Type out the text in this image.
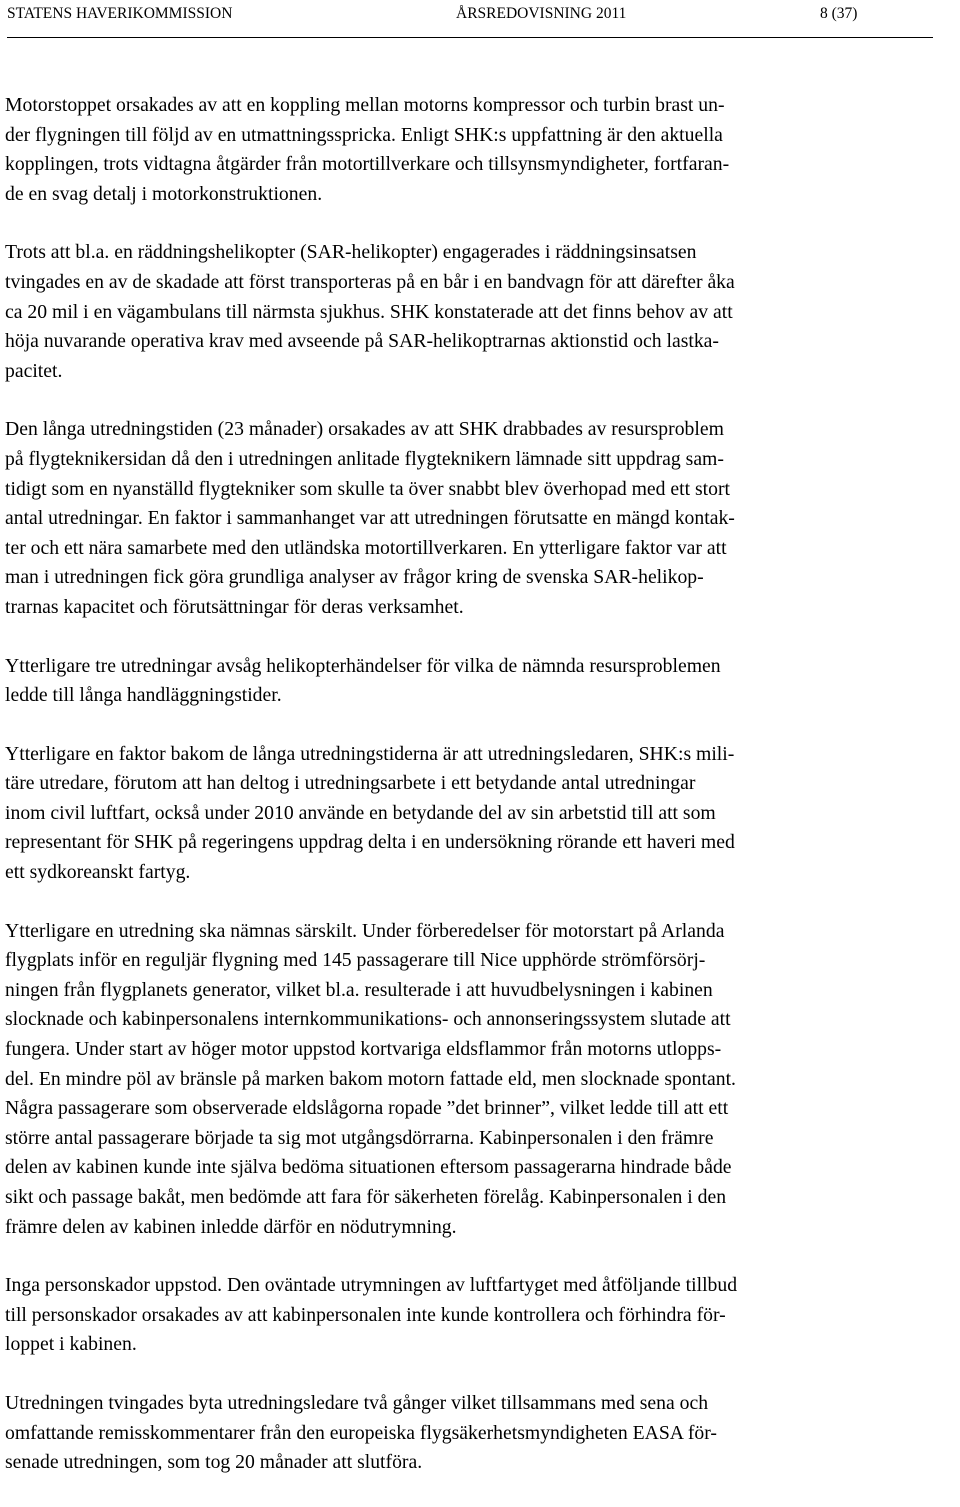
STATENS HAVERIKOMMISSION	ÅRSREDOVISNING 2011	8 (37)
Motorstoppet orsakades av att en koppling mellan motorns kompressor och turbin brast un-
der flygningen till följd av en utmattningsspricka. Enligt SHK:s uppfattning är den aktuella
kopplingen, trots vidtagna åtgärder från motortillverkare och tillsynsmyndigheter, fortfaran-
de en svag detalj i motorkonstruktionen.
Trots att bl.a. en räddningshelikopter (SAR-helikopter) engagerades i räddningsinsatsen
tvingades en av de skadade att först transporteras på en bår i en bandvagn för att därefter åka
ca 20 mil i en vägambulans till närmsta sjukhus. SHK konstaterade att det finns behov av att
höja nuvarande operativa krav med avseende på SAR-helikoptrarnas aktionstid och lastka-
pacitet.
Den långa utredningstiden (23 månader) orsakades av att SHK drabbades av resursproblem
på flygteknikersidan då den i utredningen anlitade flygteknikern lämnade sitt uppdrag sam-
tidigt som en nyanställd flygtekniker som skulle ta över snabbt blev överhopad med ett stort
antal utredningar. En faktor i sammanhanget var att utredningen förutsatte en mängd kontak-
ter och ett nära samarbete med den utländska motortillverkaren. En ytterligare faktor var att
man i utredningen fick göra grundliga analyser av frågor kring de svenska SAR-helikop-
trarnas kapacitet och förutsättningar för deras verksamhet.
Ytterligare tre utredningar avsåg helikopterhändelser för vilka de nämnda resursproblemen
ledde till långa handläggningstider.
Ytterligare en faktor bakom de långa utredningstiderna är att utredningsledaren, SHK:s mili-
täre utredare, förutom att han deltog i utredningsarbete i ett betydande antal utredningar
inom civil luftfart, också under 2010 använde en betydande del av sin arbetstid till att som
representant för SHK på regeringens uppdrag delta i en undersökning rörande ett haveri med
ett sydkoreanskt fartyg.
Ytterligare en utredning ska nämnas särskilt. Under förberedelser för motorstart på Arlanda
flygplats inför en reguljär flygning med 145 passagerare till Nice upphörde strömförsörj-
ningen från flygplanets generator, vilket bl.a. resulterade i att huvudbelysningen i kabinen
slocknade och kabinpersonalens internkommunikations- och annonseringssystem slutade att
fungera. Under start av höger motor uppstod kortvariga eldsflammor från motorns utlopps-
del. En mindre pöl av bränsle på marken bakom motorn fattade eld, men slocknade spontant.
Några passagerare som observerade eldslågorna ropade ”det brinner”, vilket ledde till att ett
större antal passagerare började ta sig mot utgångsdörrarna. Kabinpersonalen i den främre
delen av kabinen kunde inte själva bedöma situationen eftersom passagerarna hindrade både
sikt och passage bakåt, men bedömde att fara för säkerheten förelåg. Kabinpersonalen i den
främre delen av kabinen inledde därför en nödutrymning.
Inga personskador uppstod. Den oväntade utrymningen av luftfartyget med åtföljande tillbud
till personskador orsakades av att kabinpersonalen inte kunde kontrollera och förhindra för-
loppet i kabinen.
Utredningen tvingades byta utredningsledare två gånger vilket tillsammans med sena och
omfattande remisskommentarer från den europeiska flygsäkerhetsmyndigheten EASA för-
senade utredningen, som tog 20 månader att slutföra.
